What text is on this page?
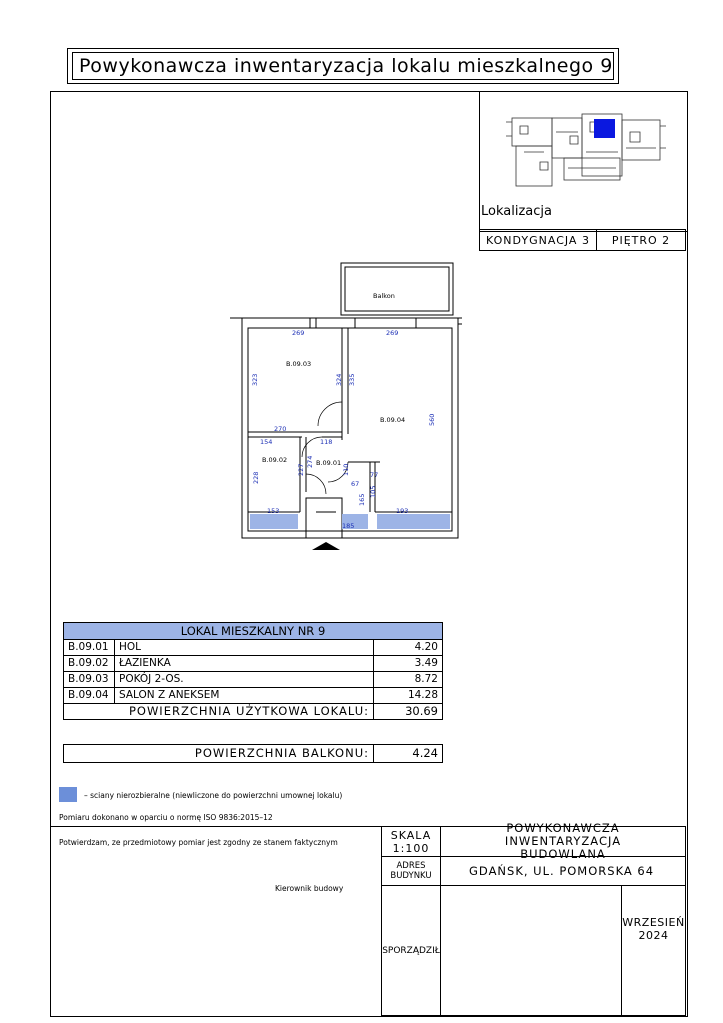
Powykonawcza inwentaryzacja lokalu mieszkalnego 9
Lokalizacja
KONDYGNACJA 3	PIĘTRO 2
Balkon
B.09.03
B.09.04
B.09.02	B.09.01
269	269
323	324 335
560
270
118
154
227
274
228	77
67
110
165
105
153
185
193
LOKAL MIESZKALNY NR 9		
B.09.01	HOL	4.20
B.09.02	ŁAZIENKA	3.49
B.09.03	POKÓJ 2-OS.	8.72
B.09.04	SALON Z ANEKSEM	14.28
POWIERZCHNIA UŻYTKOWA LOKALU:		30.69
POWIERZCHNIA BALKONU:	4.24
– sciany nierozbieralne (niewliczone do powierzchni umownej lokalu)
Pomiaru dokonano w oparciu o normę ISO 9836:2015–12
Potwierdzam, ze przedmiotowy pomiar jest zgodny ze stanem faktycznym
Kierownik budowy
SKALA
1:100
POWYKONAWCZA INWENTARYZACJA BUDOWLANA
ADRES BUDYNKU	GDAŃSK, UL. POMORSKA 64
SPORZĄDZIŁ
WRZESIEŃ 2024
